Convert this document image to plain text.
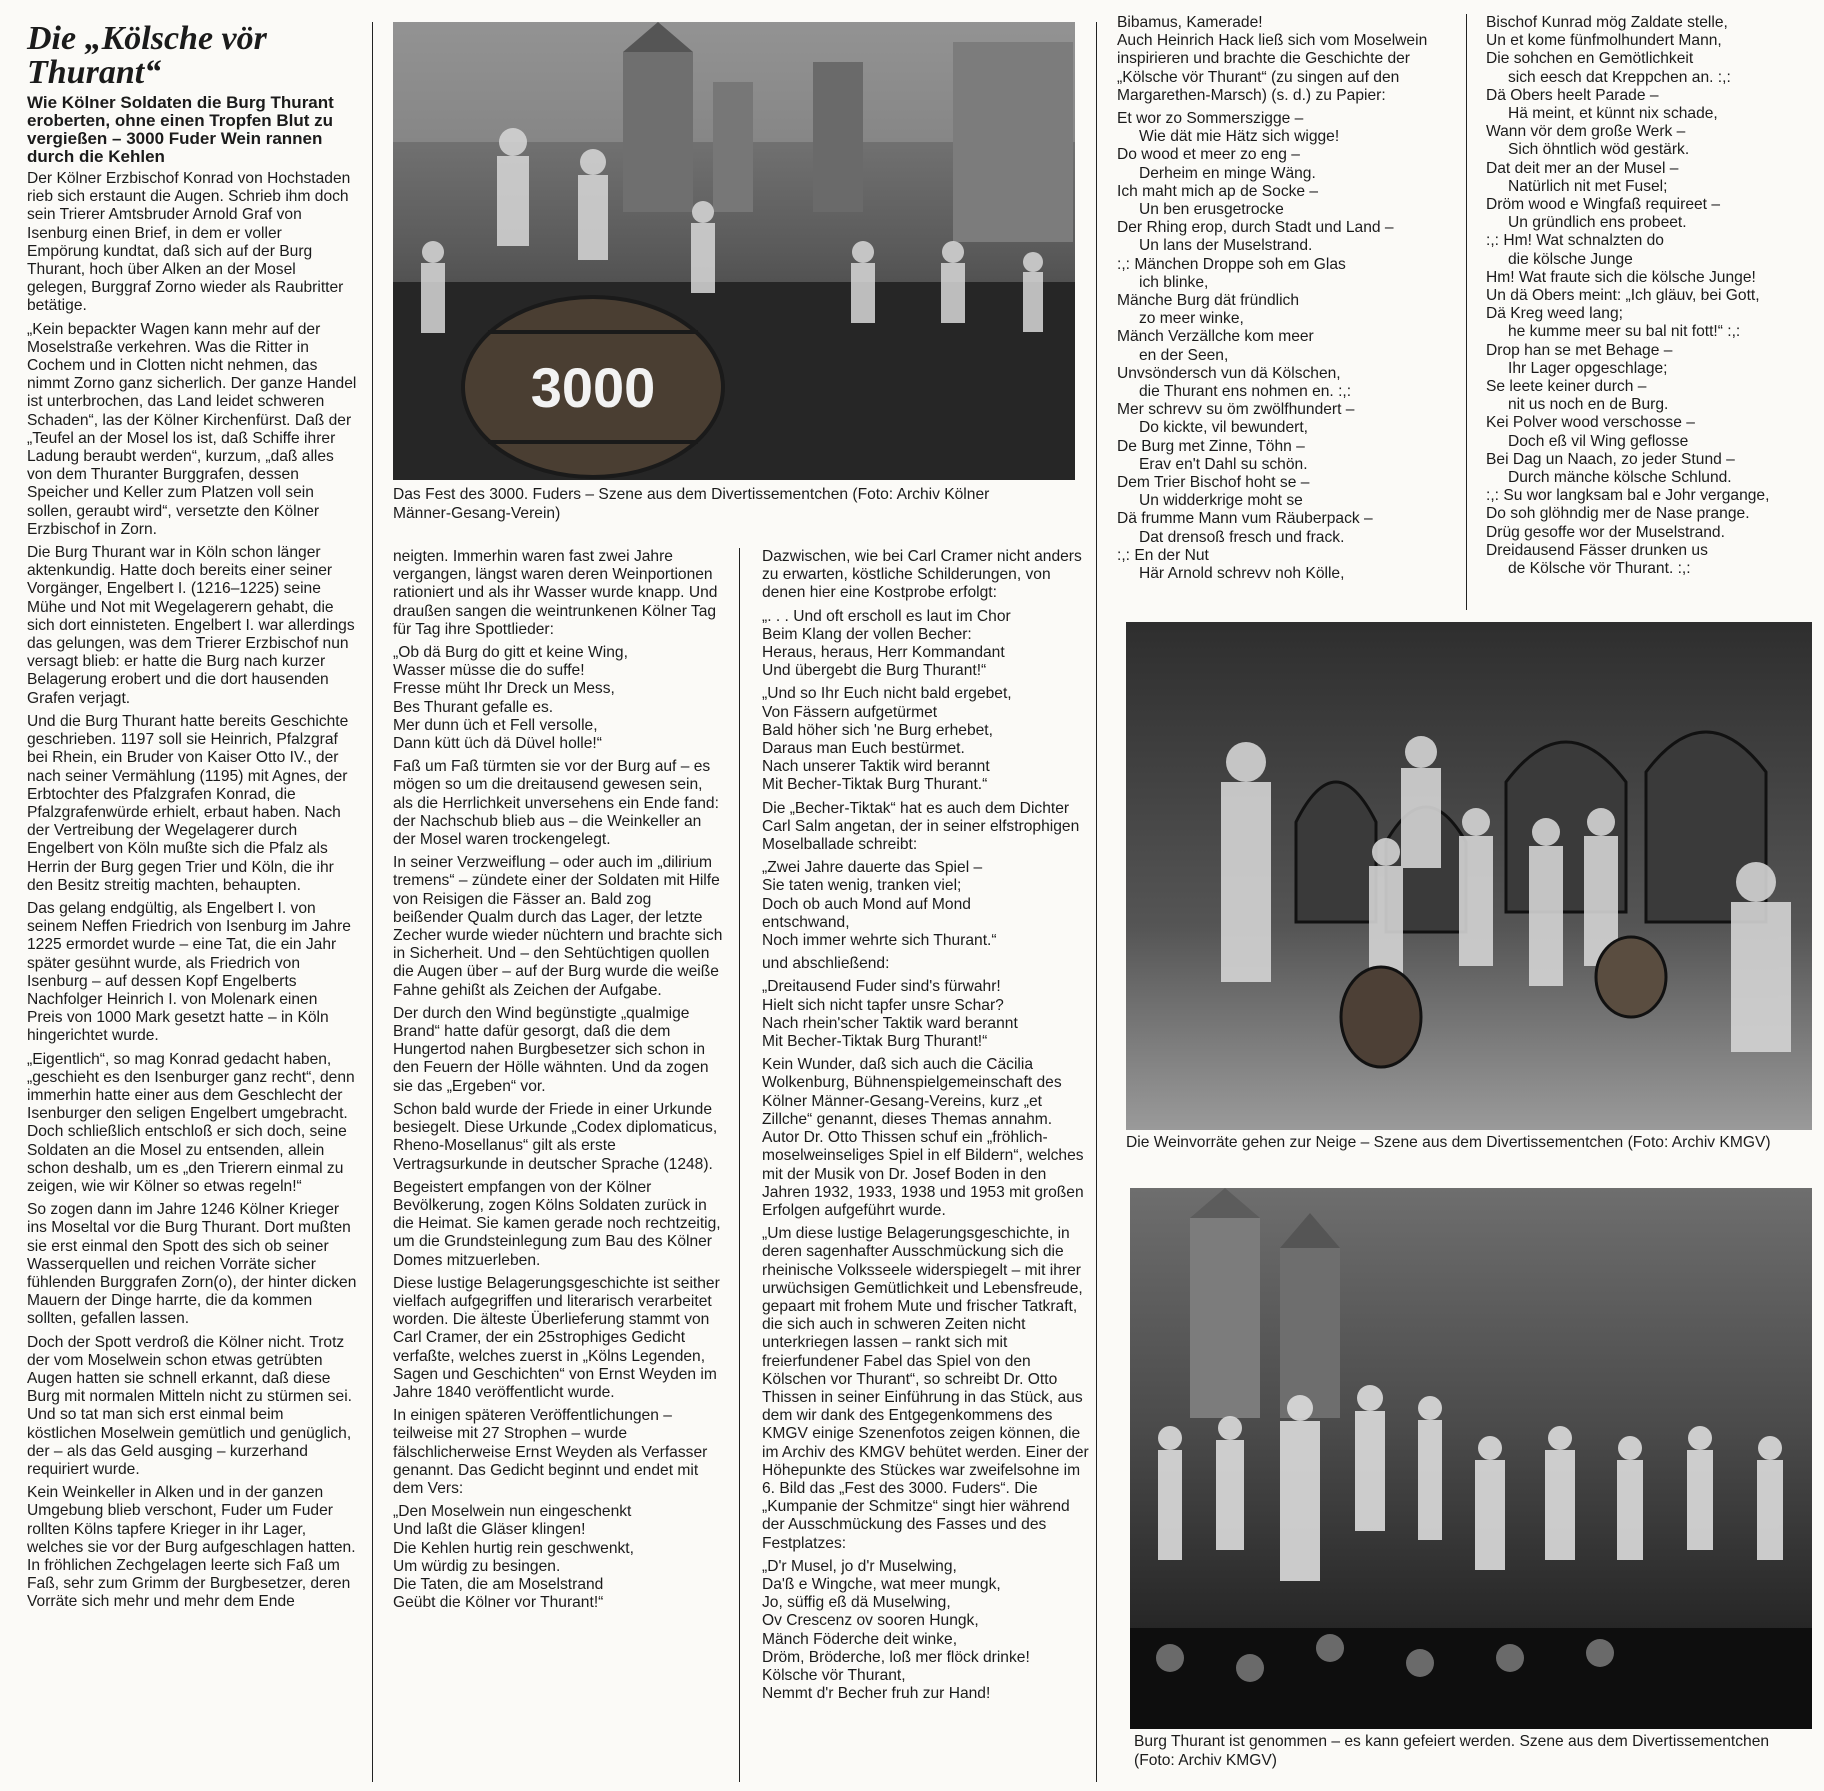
Die „Kölsche vör
Thurant“
Wie Kölner Soldaten die Burg Thurant eroberten, ohne einen Tropfen Blut zu vergießen – 3000 Fuder Wein rannen durch die Kehlen

Der Kölner Erzbischof Konrad von Hochstaden rieb sich erstaunt die Augen. Schrieb ihm doch sein Trierer Amtsbruder Arnold Graf von Isenburg einen Brief, in dem er voller Empörung kundtat, daß sich auf der Burg Thurant, hoch über Alken an der Mosel gelegen, Burggraf Zorno wieder als Raubritter betätige.

„Kein bepackter Wagen kann mehr auf der Moselstraße verkehren. Was die Ritter in Cochem und in Clotten nicht nehmen, das nimmt Zorno ganz sicherlich. Der ganze Handel ist unterbrochen, das Land leidet schweren Schaden“, las der Kölner Kirchenfürst. Daß der „Teufel an der Mosel los ist, daß Schiffe ihrer Ladung beraubt werden“, kurzum, „daß alles von dem Thuranter Burggrafen, dessen Speicher und Keller zum Platzen voll sein sollen, geraubt wird“, versetzte den Kölner Erzbischof in Zorn.

Die Burg Thurant war in Köln schon länger aktenkundig. Hatte doch bereits einer seiner Vorgänger, Engelbert I. (1216–1225) seine Mühe und Not mit Wegelagerern gehabt, die sich dort einnisteten. Engelbert I. war allerdings das gelungen, was dem Trierer Erzbischof nun versagt blieb: er hatte die Burg nach kurzer Belagerung erobert und die dort hausenden Grafen verjagt.

Und die Burg Thurant hatte bereits Geschichte geschrieben. 1197 soll sie Heinrich, Pfalzgraf bei Rhein, ein Bruder von Kaiser Otto IV., der nach seiner Vermählung (1195) mit Agnes, der Erbtochter des Pfalzgrafen Konrad, die Pfalzgrafenwürde erhielt, erbaut haben. Nach der Vertreibung der Wegelagerer durch Engelbert von Köln mußte sich die Pfalz als Herrin der Burg gegen Trier und Köln, die ihr den Besitz streitig machten, behaupten.

Das gelang endgültig, als Engelbert I. von seinem Neffen Friedrich von Isenburg im Jahre 1225 ermordet wurde – eine Tat, die ein Jahr später gesühnt wurde, als Friedrich von Isenburg – auf dessen Kopf Engelberts Nachfolger Heinrich I. von Molenark einen Preis von 1000 Mark gesetzt hatte – in Köln hingerichtet wurde.

„Eigentlich“, so mag Konrad gedacht haben, „geschieht es den Isenburger ganz recht“, denn immerhin hatte einer aus dem Geschlecht der Isenburger den seligen Engelbert umgebracht. Doch schließlich entschloß er sich doch, seine Soldaten an die Mosel zu entsenden, allein schon deshalb, um es „den Trierern einmal zu zeigen, wie wir Kölner so etwas regeln!“

So zogen dann im Jahre 1246 Kölner Krieger ins Moseltal vor die Burg Thurant. Dort mußten sie erst einmal den Spott des sich ob seiner Wasserquellen und reichen Vorräte sicher fühlenden Burggrafen Zorn(o), der hinter dicken Mauern der Dinge harrte, die da kommen sollten, gefallen lassen.

Doch der Spott verdroß die Kölner nicht. Trotz der vom Moselwein schon etwas getrübten Augen hatten sie schnell erkannt, daß diese Burg mit normalen Mitteln nicht zu stürmen sei. Und so tat man sich erst einmal beim köstlichen Moselwein gemütlich und genüglich, der – als das Geld ausging – kurzerhand requiriert wurde.

Kein Weinkeller in Alken und in der ganzen Umgebung blieb verschont, Fuder um Fuder rollten Kölns tapfere Krieger in ihr Lager, welches sie vor der Burg aufgeschlagen hatten. In fröhlichen Zechgelagen leerte sich Faß um Faß, sehr zum Grimm der Burgbesetzer, deren Vorräte sich mehr und mehr dem Ende

3000
Das Fest des 3000. Fuders – Szene aus dem Divertissementchen (Foto: Archiv Kölner Männer-Gesang-Verein)

neigten. Immerhin waren fast zwei Jahre vergangen, längst waren deren Weinportionen rationiert und als ihr Wasser wurde knapp. Und draußen sangen die weintrunkenen Kölner Tag für Tag ihre Spottlieder:

„Ob dä Burg do gitt et keine Wing,
Wasser müsse die do suffe!
Fresse müht Ihr Dreck un Mess,
Bes Thurant gefalle es.
Mer dunn üch et Fell versolle,
Dann kütt üch dä Düvel holle!“

Faß um Faß türmten sie vor der Burg auf – es mögen so um die dreitausend gewesen sein, als die Herrlichkeit unversehens ein Ende fand: der Nachschub blieb aus – die Weinkeller an der Mosel waren trockengelegt.

In seiner Verzweiflung – oder auch im „dilirium tremens“ – zündete einer der Soldaten mit Hilfe von Reisigen die Fässer an. Bald zog beißender Qualm durch das Lager, der letzte Zecher wurde wieder nüchtern und brachte sich in Sicherheit. Und – den Sehtüchtigen quollen die Augen über – auf der Burg wurde die weiße Fahne gehißt als Zeichen der Aufgabe.

Der durch den Wind begünstigte „qualmige Brand“ hatte dafür gesorgt, daß die dem Hungertod nahen Burgbesetzer sich schon in den Feuern der Hölle wähnten. Und da zogen sie das „Ergeben“ vor.

Schon bald wurde der Friede in einer Urkunde besiegelt. Diese Urkunde „Codex diplomaticus, Rheno-Mosellanus“ gilt als erste Vertragsurkunde in deutscher Sprache (1248).

Begeistert empfangen von der Kölner Bevölkerung, zogen Kölns Soldaten zurück in die Heimat. Sie kamen gerade noch rechtzeitig, um die Grundsteinlegung zum Bau des Kölner Domes mitzuerleben.

Diese lustige Belagerungsgeschichte ist seither vielfach aufgegriffen und literarisch verarbeitet worden. Die älteste Überlieferung stammt von Carl Cramer, der ein 25strophiges Gedicht verfaßte, welches zuerst in „Kölns Legenden, Sagen und Geschichten“ von Ernst Weyden im Jahre 1840 veröffentlicht wurde.

In einigen späteren Veröffentlichungen – teilweise mit 27 Strophen – wurde fälschlicherweise Ernst Weyden als Verfasser genannt. Das Gedicht beginnt und endet mit dem Vers:

„Den Moselwein nun eingeschenkt
Und laßt die Gläser klingen!
Die Kehlen hurtig rein geschwenkt,
Um würdig zu besingen.
Die Taten, die am Moselstrand
Geübt die Kölner vor Thurant!“

Dazwischen, wie bei Carl Cramer nicht anders zu erwarten, köstliche Schilderungen, von denen hier eine Kostprobe erfolgt:

„. . . Und oft erscholl es laut im Chor
Beim Klang der vollen Becher:
Heraus, heraus, Herr Kommandant
Und übergebt die Burg Thurant!“

„Und so Ihr Euch nicht bald ergebet,
Von Fässern aufgetürmet
Bald höher sich 'ne Burg erhebet,
Daraus man Euch bestürmet.
Nach unserer Taktik wird berannt
Mit Becher-Tiktak Burg Thurant.“

Die „Becher-Tiktak“ hat es auch dem Dichter Carl Salm angetan, der in seiner elfstrophigen Moselballade schreibt:

„Zwei Jahre dauerte das Spiel –
Sie taten wenig, tranken viel;
Doch ob auch Mond auf Mond
entschwand,
Noch immer wehrte sich Thurant.“

und abschließend:

„Dreitausend Fuder sind's fürwahr!
Hielt sich nicht tapfer unsre Schar?
Nach rhein'scher Taktik ward berannt
Mit Becher-Tiktak Burg Thurant!“

Kein Wunder, daß sich auch die Cäcilia Wolkenburg, Bühnenspielgemeinschaft des Kölner Männer-Gesang-Vereins, kurz „et Zillche“ genannt, dieses Themas annahm. Autor Dr. Otto Thissen schuf ein „fröhlich-moselweinseliges Spiel in elf Bildern“, welches mit der Musik von Dr. Josef Boden in den Jahren 1932, 1933, 1938 und 1953 mit großen Erfolgen aufgeführt wurde.

„Um diese lustige Belagerungsgeschichte, in deren sagenhafter Ausschmückung sich die rheinische Volksseele widerspiegelt – mit ihrer urwüchsigen Gemütlichkeit und Lebensfreude, gepaart mit frohem Mute und frischer Tatkraft, die sich auch in schweren Zeiten nicht unterkriegen lassen – rankt sich mit freierfundener Fabel das Spiel von den Kölschen vor Thurant“, so schreibt Dr. Otto Thissen in seiner Einführung in das Stück, aus dem wir dank des Entgegenkommens des KMGV einige Szenenfotos zeigen können, die im Archiv des KMGV behütet werden. Einer der Höhepunkte des Stückes war zweifelsohne im 6. Bild das „Fest des 3000. Fuders“. Die „Kumpanie der Schmitze“ singt hier während der Ausschmückung des Fasses und des Festplatzes:

„D'r Musel, jo d'r Muselwing,
Da'ß e Wingche, wat meer mungk,
Jo, süffig eß dä Muselwing,
Ov Crescenz ov sooren Hungk,
Mänch Föderche deit winke,
Dröm, Bröderche, loß mer flöck drinke!
Kölsche vör Thurant,
Nemmt d'r Becher fruh zur Hand!

Bibamus, Kamerade!

Auch Heinrich Hack ließ sich vom Moselwein inspirieren und brachte die Geschichte der „Kölsche vör Thurant“ (zu singen auf den Margarethen-Marsch) (s. d.) zu Papier:

Et wor zo Sommerszigge –

Wie dät mie Hätz sich wigge!

Do wood et meer zo eng –

Derheim en minge Wäng.

Ich maht mich ap de Socke –

Un ben erusgetrocke

Der Rhing erop, durch Stadt und Land –

Un lans der Muselstrand.

:,: Mänchen Droppe soh em Glas

ich blinke,

Mänche Burg dät fründlich

zo meer winke,

Mänch Verzällche kom meer

en der Seen,

Unvsöndersch vun dä Kölschen,

die Thurant ens nohmen en. :,:

Mer schrevv su öm zwölfhundert –

Do kickte, vil bewundert,

De Burg met Zinne, Töhn –

Erav en't Dahl su schön.

Dem Trier Bischof hoht se –

Un widderkrige moht se

Dä frumme Mann vum Räuberpack –

Dat drensoß fresch und frack.

:,: En der Nut

Här Arnold schrevv noh Kölle,

Bischof Kunrad mög Zaldate stelle,

Un et kome fünfmolhundert Mann,

Die sohchen en Gemötlichkeit

sich eesch dat Kreppchen an. :,:

Dä Obers heelt Parade –

Hä meint, et künnt nix schade,

Wann vör dem große Werk –

Sich öhntlich wöd gestärk.

Dat deit mer an der Musel –

Natürlich nit met Fusel;

Dröm wood e Wingfaß requireet –

Un gründlich ens probeet.

:,: Hm! Wat schnalzten do

die kölsche Junge

Hm! Wat fraute sich die kölsche Junge!

Un dä Obers meint: „Ich gläuv, bei Gott,

Dä Kreg weed lang;

he kumme meer su bal nit fott!“ :,:

Drop han se met Behage –

Ihr Lager opgeschlage;

Se leete keiner durch –

nit us noch en de Burg.

Kei Polver wood verschosse –

Doch eß vil Wing geflosse

Bei Dag un Naach, zo jeder Stund –

Durch mänche kölsche Schlund.

:,: Su wor langksam bal e Johr vergange,

Do soh glöhndig mer de Nase prange.

Drüg gesoffe wor der Muselstrand.

Dreidausend Fässer drunken us

de Kölsche vör Thurant. :,:

Die Weinvorräte gehen zur Neige – Szene aus dem Divertissementchen (Foto: Archiv KMGV)
Burg Thurant ist genommen – es kann gefeiert werden. Szene aus dem Divertissementchen (Foto: Archiv KMGV)
